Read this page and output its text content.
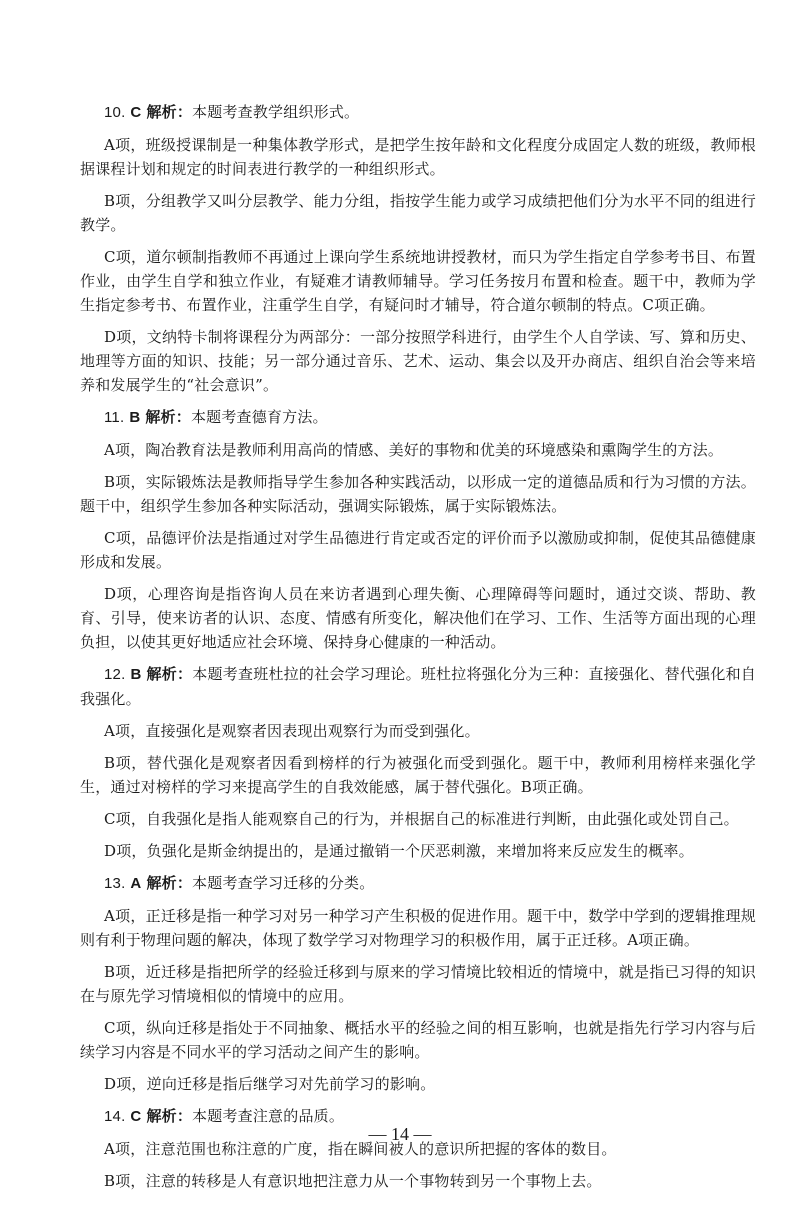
10. C 解析：本题考查教学组织形式。

A项，班级授课制是一种集体教学形式，是把学生按年龄和文化程度分成固定人数的班级，教师根据课程计划和规定的时间表进行教学的一种组织形式。

B项，分组教学又叫分层教学、能力分组，指按学生能力或学习成绩把他们分为水平不同的组进行教学。

C项，道尔顿制指教师不再通过上课向学生系统地讲授教材，而只为学生指定自学参考书目、布置作业，由学生自学和独立作业，有疑难才请教师辅导。学习任务按月布置和检查。题干中，教师为学生指定参考书、布置作业，注重学生自学，有疑问时才辅导，符合道尔顿制的特点。C项正确。

D项，文纳特卡制将课程分为两部分：一部分按照学科进行，由学生个人自学读、写、算和历史、地理等方面的知识、技能；另一部分通过音乐、艺术、运动、集会以及开办商店、组织自治会等来培养和发展学生的“社会意识”。

11. B 解析：本题考查德育方法。

A项，陶冶教育法是教师利用高尚的情感、美好的事物和优美的环境感染和熏陶学生的方法。

B项，实际锻炼法是教师指导学生参加各种实践活动，以形成一定的道德品质和行为习惯的方法。题干中，组织学生参加各种实际活动，强调实际锻炼，属于实际锻炼法。

C项，品德评价法是指通过对学生品德进行肯定或否定的评价而予以激励或抑制，促使其品德健康形成和发展。

D项，心理咨询是指咨询人员在来访者遇到心理失衡、心理障碍等问题时，通过交谈、帮助、教育、引导，使来访者的认识、态度、情感有所变化，解决他们在学习、工作、生活等方面出现的心理负担，以使其更好地适应社会环境、保持身心健康的一种活动。

12. B 解析：本题考查班杜拉的社会学习理论。班杜拉将强化分为三种：直接强化、替代强化和自我强化。

A项，直接强化是观察者因表现出观察行为而受到强化。

B项，替代强化是观察者因看到榜样的行为被强化而受到强化。题干中，教师利用榜样来强化学生，通过对榜样的学习来提高学生的自我效能感，属于替代强化。B项正确。

C项，自我强化是指人能观察自己的行为，并根据自己的标准进行判断，由此强化或处罚自己。

D项，负强化是斯金纳提出的，是通过撤销一个厌恶刺激，来增加将来反应发生的概率。

13. A 解析：本题考查学习迁移的分类。

A项，正迁移是指一种学习对另一种学习产生积极的促进作用。题干中，数学中学到的逻辑推理规则有利于物理问题的解决，体现了数学学习对物理学习的积极作用，属于正迁移。A项正确。

B项，近迁移是指把所学的经验迁移到与原来的学习情境比较相近的情境中，就是指已习得的知识在与原先学习情境相似的情境中的应用。

C项，纵向迁移是指处于不同抽象、概括水平的经验之间的相互影响，也就是指先行学习内容与后续学习内容是不同水平的学习活动之间产生的影响。

D项，逆向迁移是指后继学习对先前学习的影响。

14. C 解析：本题考查注意的品质。

A项，注意范围也称注意的广度，指在瞬间被人的意识所把握的客体的数目。

B项，注意的转移是人有意识地把注意力从一个事物转到另一个事物上去。

— 14 —
